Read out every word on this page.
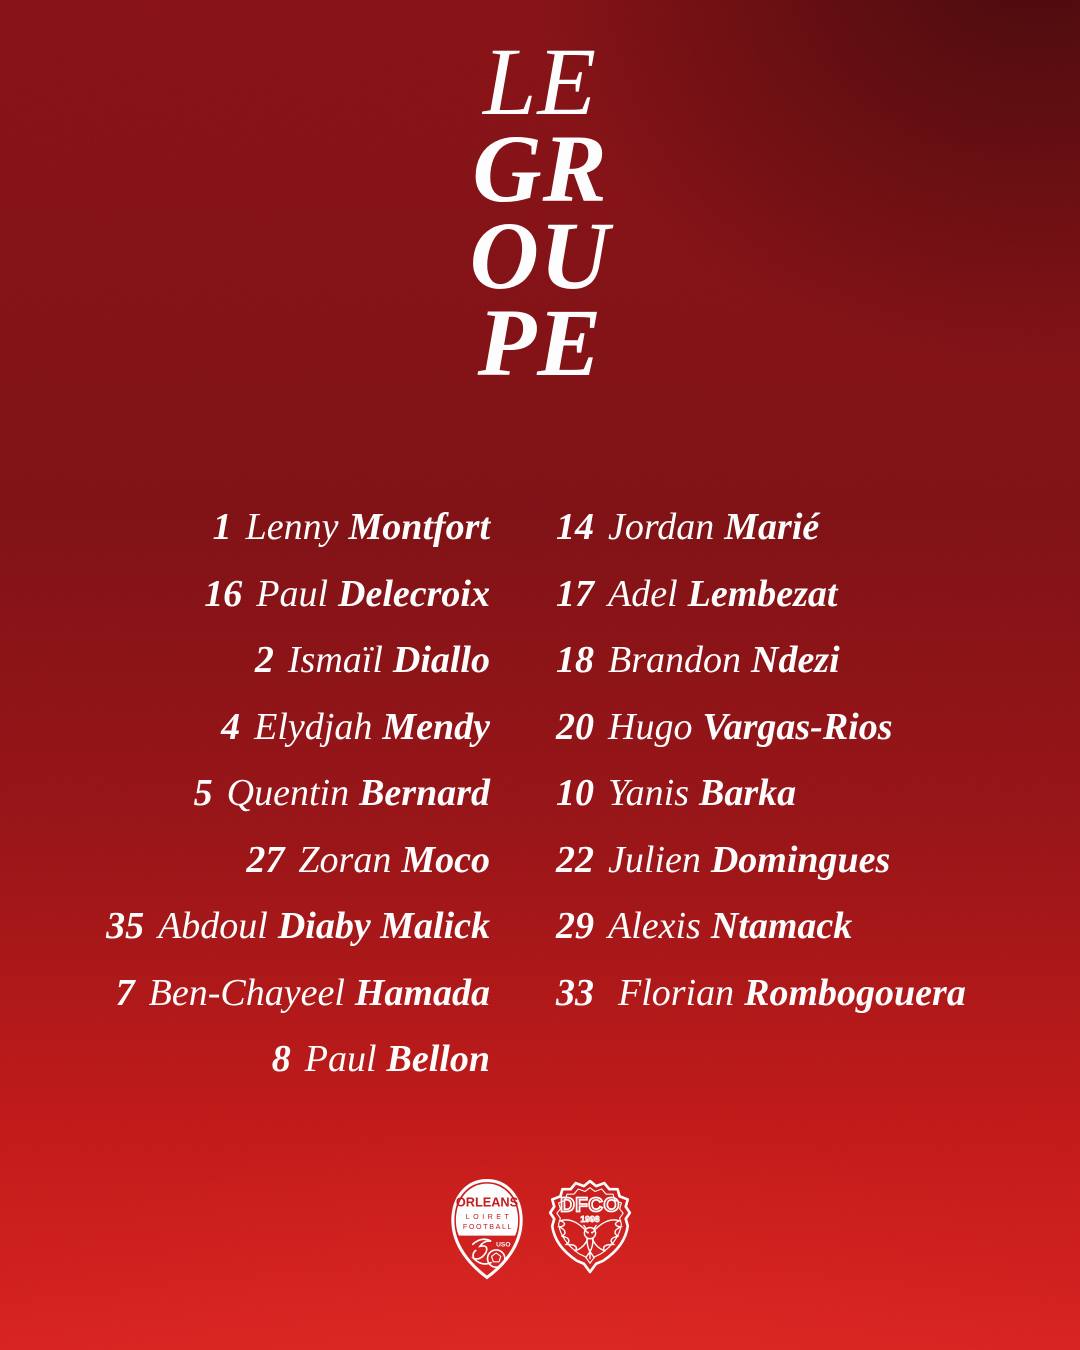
LE
GR
OU
PE
1 Lenny Montfort
16 Paul Delecroix
2 Ismaïl Diallo
4 Elydjah Mendy
5 Quentin Bernard
27 Zoran Moco
35 Abdoul Diaby Malick
7 Ben-Chayeel Hamada
8 Paul Bellon
14 Jordan Marié
17 Adel Lembezat
18 Brandon Ndezi
20 Hugo Vargas-Rios
10 Yanis Barka
22 Julien Domingues
29 Alexis Ntamack
33 Florian Rombogouera
ORLEANS
LOIRET
FOOTBALL
USO
DFCO
1998
